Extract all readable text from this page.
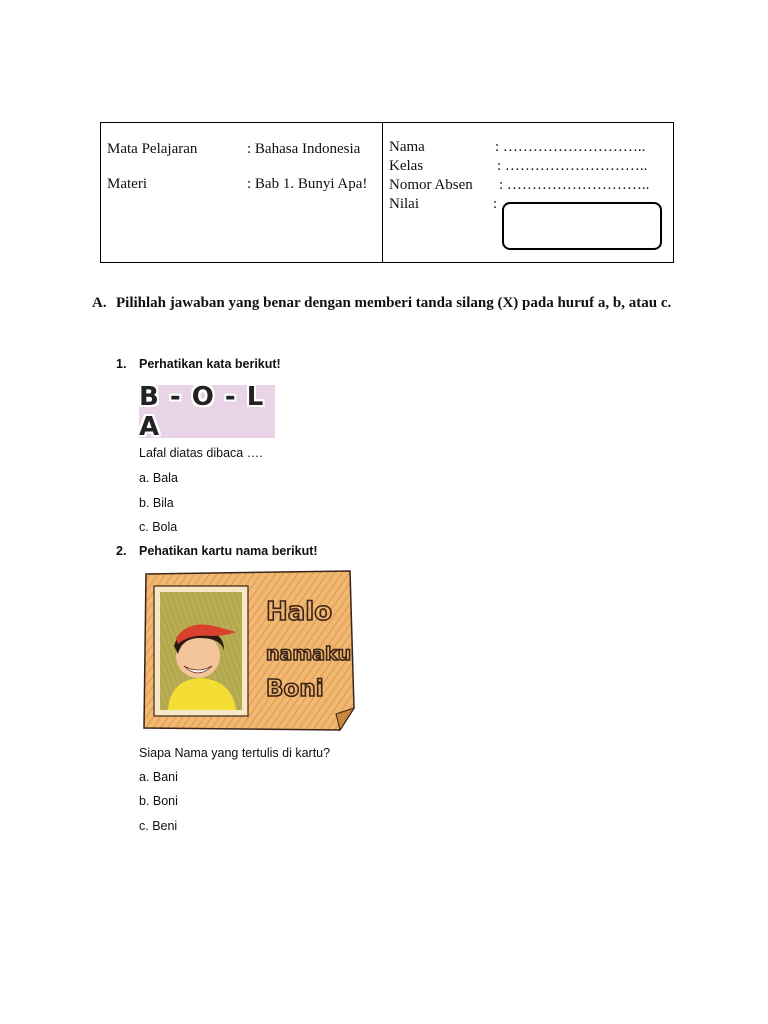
Mata Pelajaran	: Bahasa Indonesia
Materi	: Bab 1. Bunyi Apa!
Nama	: ………………………..
Kelas	: ………………………..
Nomor Absen : ………………………..
Nilai	:
A. Pilihlah jawaban yang benar dengan memberi tanda silang (X) pada huruf a, b, atau c.
1. Perhatikan kata berikut!
B - O - L A
Lafal diatas dibaca ….
a. Bala
b. Bila
c. Bola
2. Pehatikan kartu nama berikut!
Halo
namaku
Boni
Siapa Nama yang tertulis di kartu?
a. Bani
b. Boni
c. Beni
